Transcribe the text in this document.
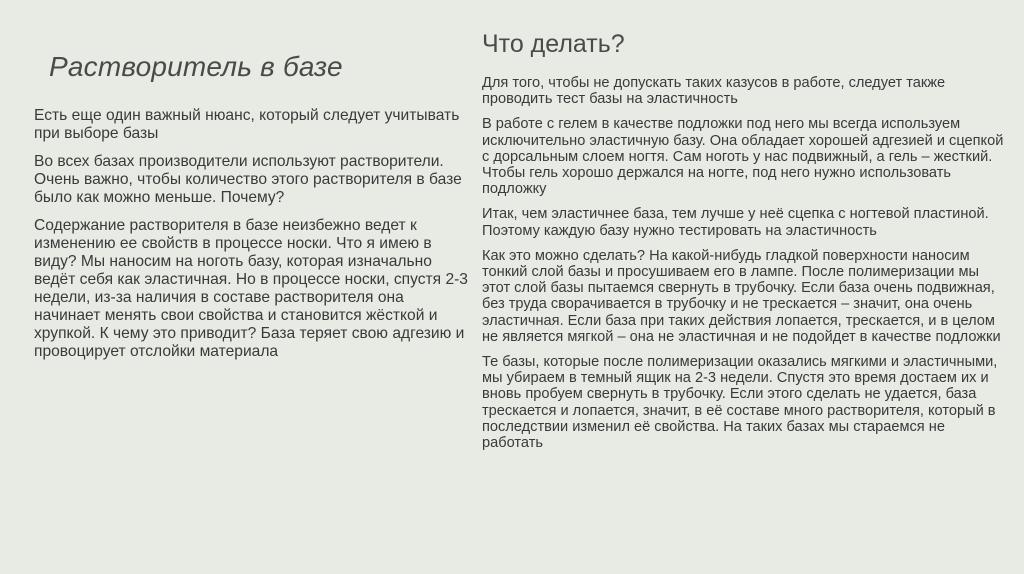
Растворитель в базе

Есть еще один важный нюанс, который следует учитывать при выборе базы

Во всех базах производители используют растворители. Очень важно, чтобы количество этого растворителя в базе было как можно меньше. Почему?

Содержание растворителя в базе неизбежно ведет к изменению ее свойств в процессе носки. Что я имею в виду? Мы наносим на ноготь базу, которая изначально ведёт себя как эластичная. Но в процессе носки, спустя 2-3 недели, из-за наличия в составе растворителя она начинает менять свои свойства и становится жёсткой и хрупкой. К чему это приводит? База теряет свою адгезию и провоцирует отслойки материала

Что делать?

Для того, чтобы не допускать таких казусов в работе, следует также проводить тест базы на эластичность

В работе с гелем в качестве подложки под него мы всегда используем исключительно эластичную базу. Она обладает хорошей адгезией и сцепкой с дорсальным слоем ногтя. Сам ноготь у нас подвижный, а гель – жесткий. Чтобы гель хорошо держался на ногте, под него нужно использовать подложку

Итак, чем эластичнее база, тем лучше у неё сцепка с ногтевой пластиной. Поэтому каждую базу нужно тестировать на эластичность

Как это можно сделать? На какой-нибудь гладкой поверхности наносим тонкий слой базы и просушиваем его в лампе. После полимеризации мы этот слой базы пытаемся свернуть в трубочку. Если база очень подвижная, без труда сворачивается в трубочку и не трескается – значит, она очень эластичная. Если база при таких действия лопается, трескается, и в целом не является мягкой – она не эластичная и не подойдет в качестве подложки

Те базы, которые после полимеризации оказались мягкими и эластичными, мы убираем в темный ящик на 2-3 недели. Спустя это время достаем их и вновь пробуем свернуть в трубочку. Если этого сделать не удается, база трескается и лопается, значит, в её составе много растворителя, который в последствии изменил её свойства. На таких базах мы стараемся не работать
